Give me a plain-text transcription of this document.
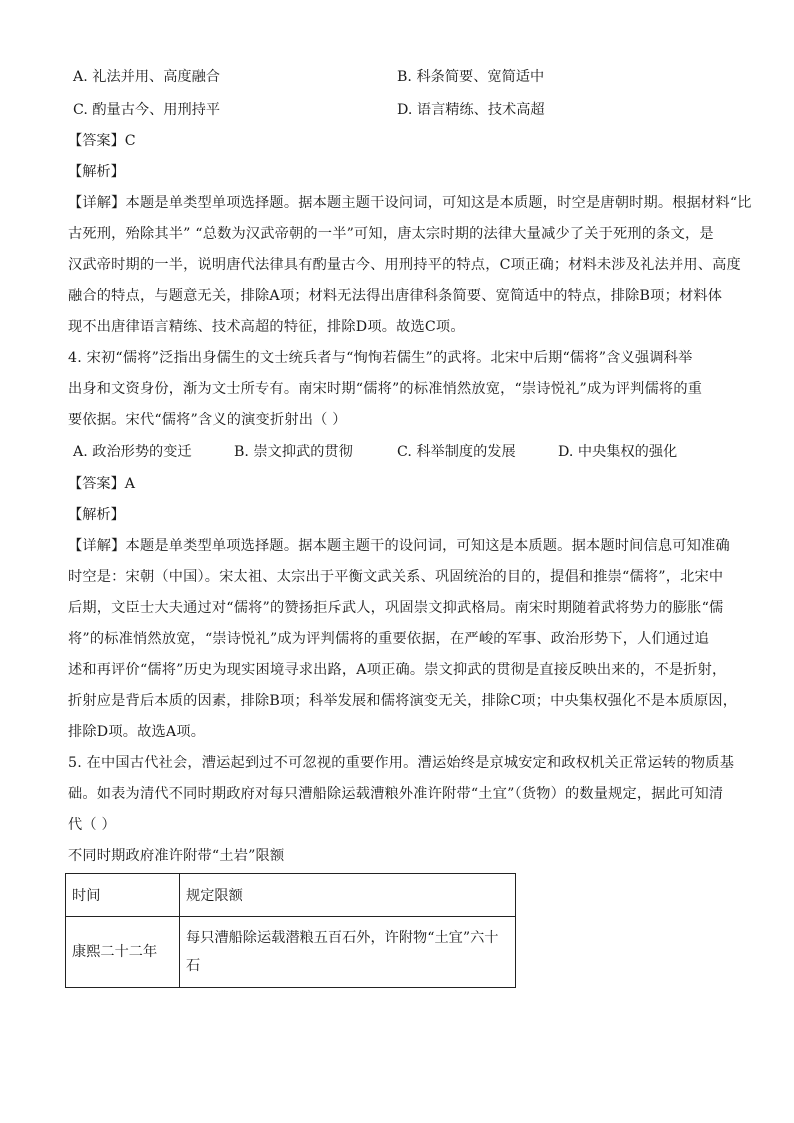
A. 礼法并用、高度融合	B. 科条简要、宽简适中
C. 酌量古今、用刑持平	D. 语言精练、技术高超
【答案】C
【解析】
【详解】本题是单类型单项选择题。据本题主题干设问词，可知这是本质题，时空是唐朝时期。根据材料“比
古死刑，殆除其半” “总数为汉武帝朝的一半”可知，唐太宗时期的法律大量减少了关于死刑的条文，是
汉武帝时期的一半，说明唐代法律具有酌量古今、用刑持平的特点，C项正确；材料未涉及礼法并用、高度
融合的特点，与题意无关，排除A项；材料无法得出唐律科条简要、宽简适中的特点，排除B项；材料体
现不出唐律语言精练、技术高超的特征，排除D项。故选C项。
4. 宋初“儒将”泛指出身儒生的文士统兵者与“恂恂若儒生”的武将。北宋中后期“儒将”含义强调科举
出身和文资身份，渐为文士所专有。南宋时期“儒将”的标准悄然放宽，“崇诗悦礼”成为评判儒将的重
要依据。宋代“儒将”含义的演变折射出（ ）
A. 政治形势的变迁	B. 崇文抑武的贯彻	C. 科举制度的发展	D. 中央集权的强化
【答案】A
【解析】
【详解】本题是单类型单项选择题。据本题主题干的设问词，可知这是本质题。据本题时间信息可知准确
时空是：宋朝（中国）。宋太祖、太宗出于平衡文武关系、巩固统治的目的，提倡和推崇“儒将”，北宋中
后期，文臣士大夫通过对“儒将”的赞扬拒斥武人，巩固崇文抑武格局。南宋时期随着武将势力的膨胀“儒
将”的标准悄然放宽，“崇诗悦礼”成为评判儒将的重要依据，在严峻的军事、政治形势下，人们通过追
述和再评价“儒将”历史为现实困境寻求出路，A项正确。崇文抑武的贯彻是直接反映出来的，不是折射，
折射应是背后本质的因素，排除B项；科举发展和儒将演变无关，排除C项；中央集权强化不是本质原因，
排除D项。故选A项。
5. 在中国古代社会，漕运起到过不可忽视的重要作用。漕运始终是京城安定和政权机关正常运转的物质基
础。如表为清代不同时期政府对每只漕船除运载漕粮外准许附带“土宜”（货物）的数量规定，据此可知清
代（ ）
不同时期政府准许附带“土岩”限额
时间	规定限额
康熙二十二年	每只漕船除运载潜粮五百石外，许附物“土宜”六十石
